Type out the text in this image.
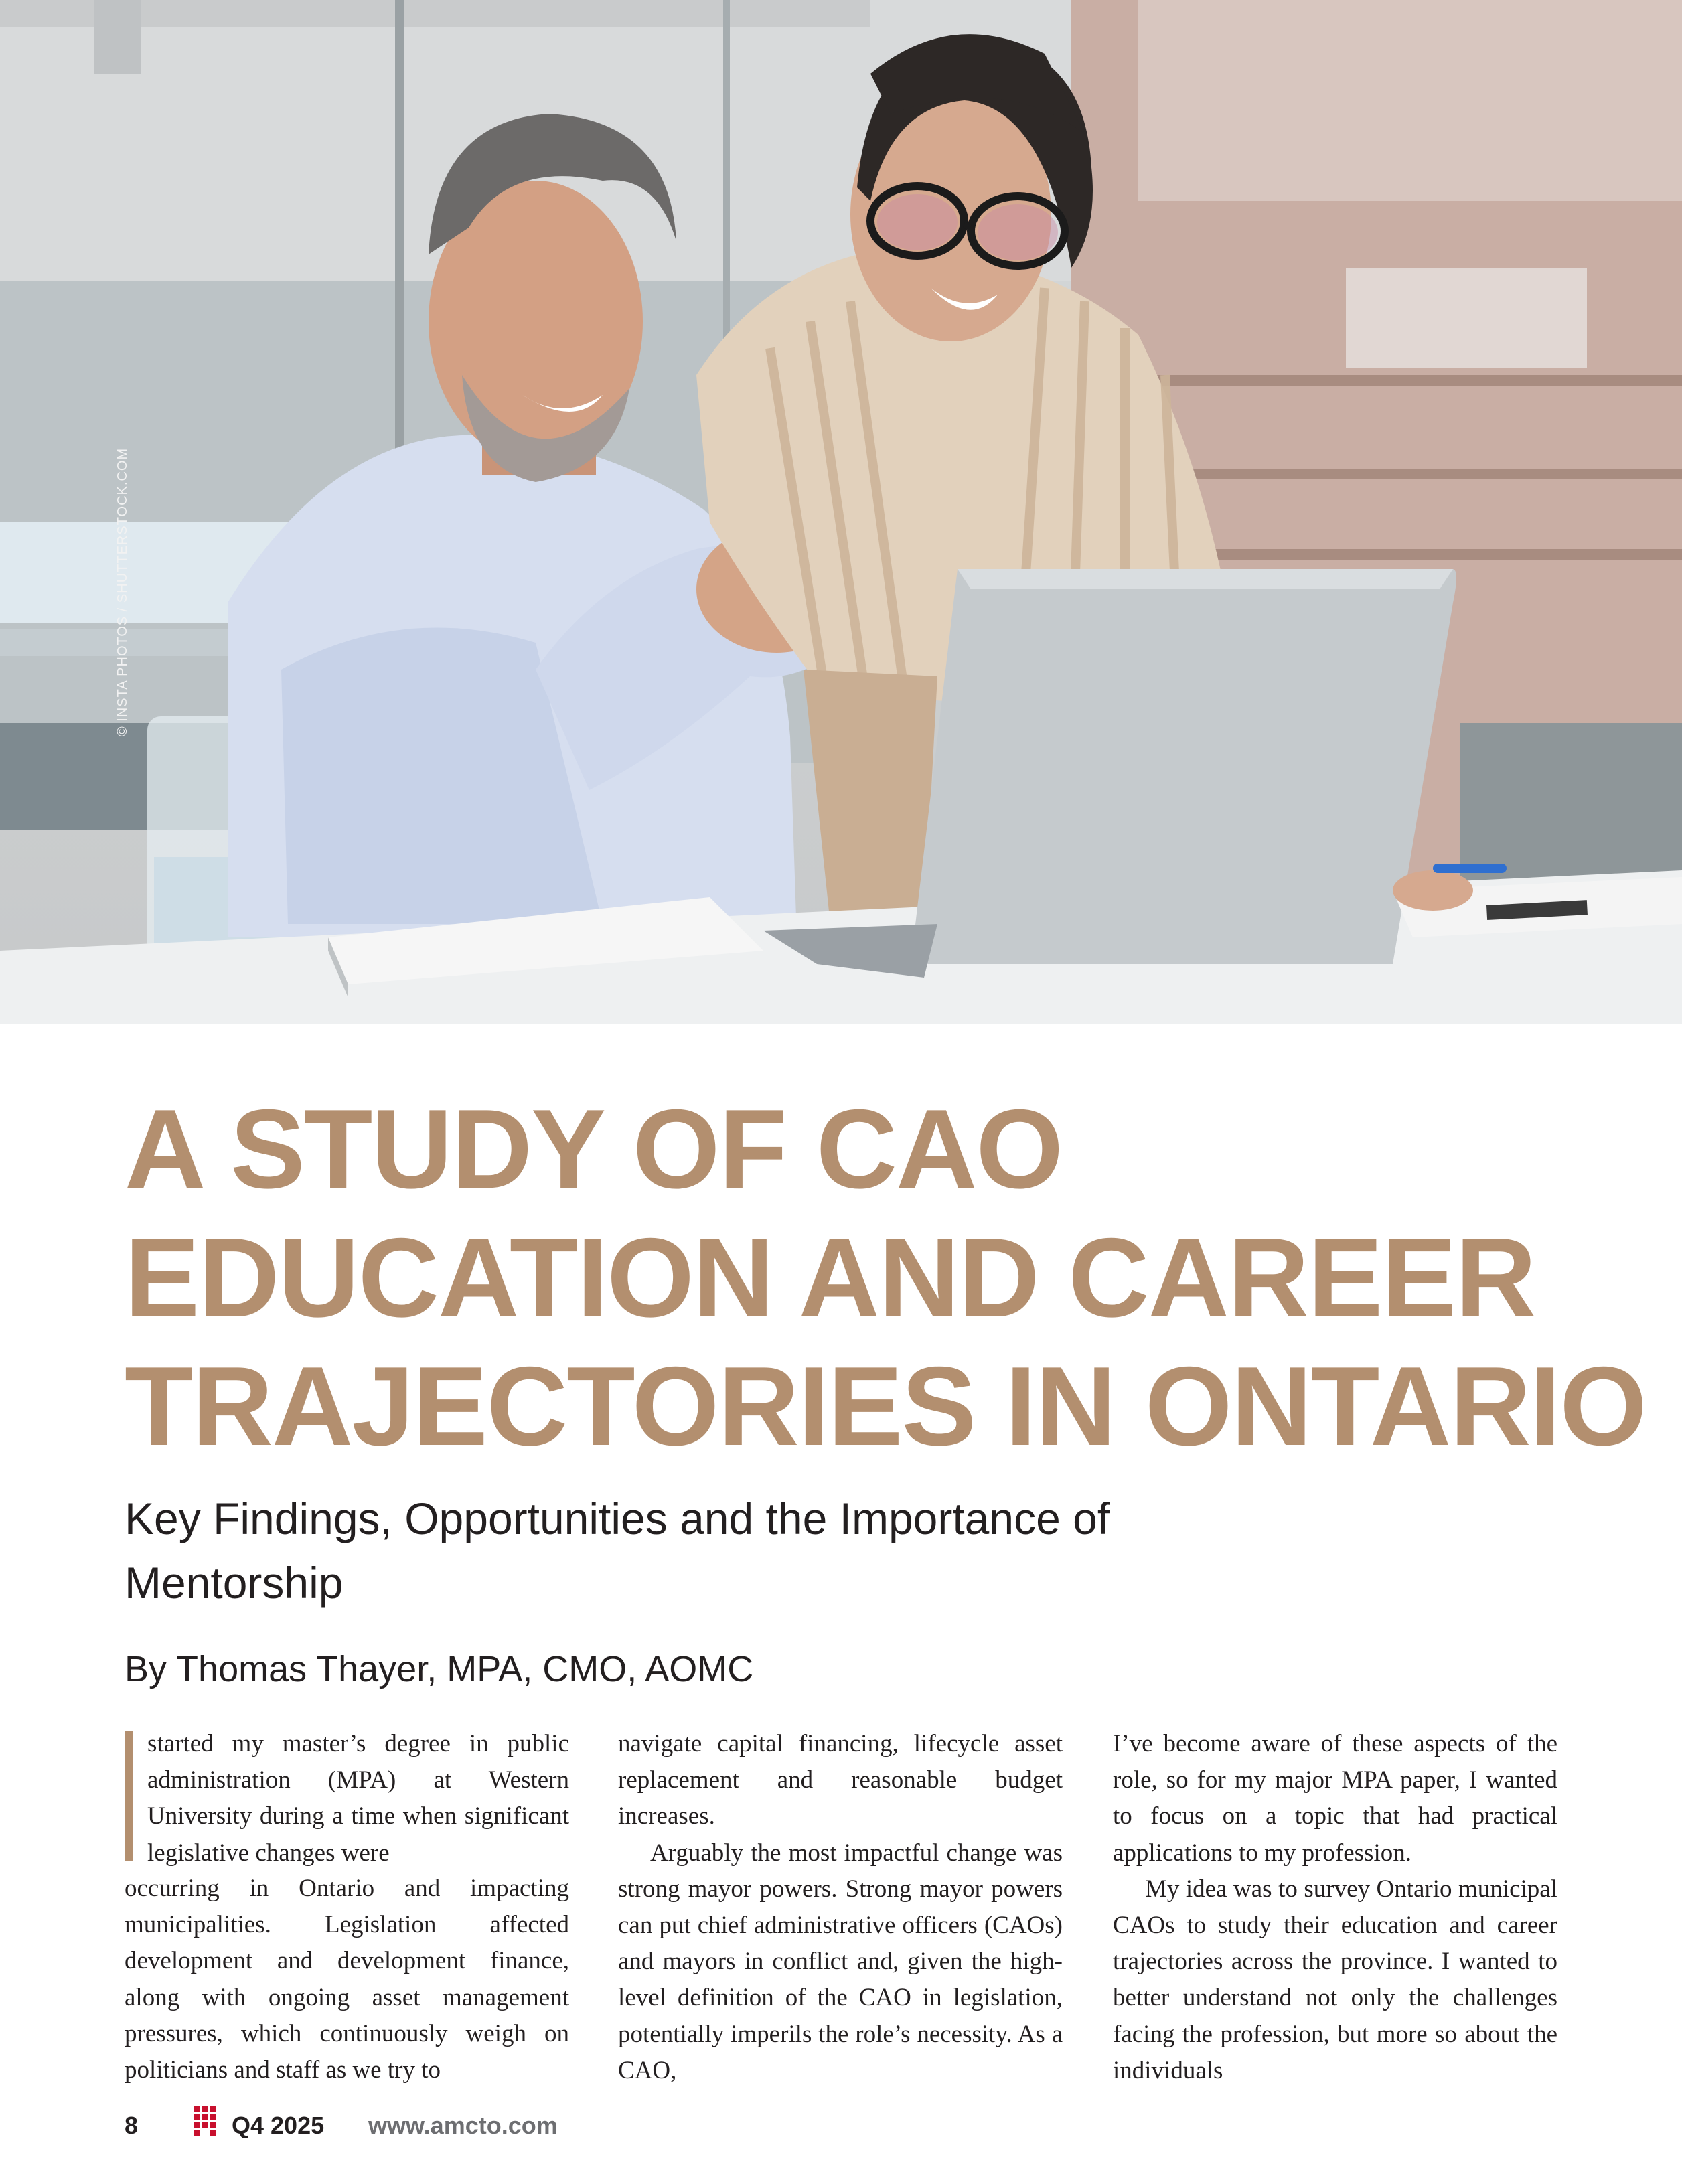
© INSTA PHOTOS / SHUTTERSTOCK.COM
A STUDY OF CAO
EDUCATION AND CAREER
TRAJECTORIES IN ONTARIO
Key Findings, Opportunities and the Importance of
Mentorship
By Thomas Thayer, MPA, CMO, AOMC

started my master’s degree in public administration (MPA) at Western University during a time when significant legislative changes were

occurring in Ontario and impacting municipalities. Legislation affected development and development finance, along with ongoing asset management pressures, which continuously weigh on politicians and staff as we try to

navigate capital financing, lifecycle asset replacement and reasonable budget increases.

Arguably the most impactful change was strong mayor powers. Strong mayor powers can put chief administrative officers (CAOs) and mayors in conflict and, given the high-level definition of the CAO in legislation, potentially imperils the role’s necessity. As a CAO,

I’ve become aware of these aspects of the role, so for my major MPA paper, I wanted to focus on a topic that had practical applications to my profession.

My idea was to survey Ontario municipal CAOs to study their education and career trajectories across the province. I wanted to better understand not only the challenges facing the profession, but more so about the individuals

8	Q4 2025 www.amcto.com
